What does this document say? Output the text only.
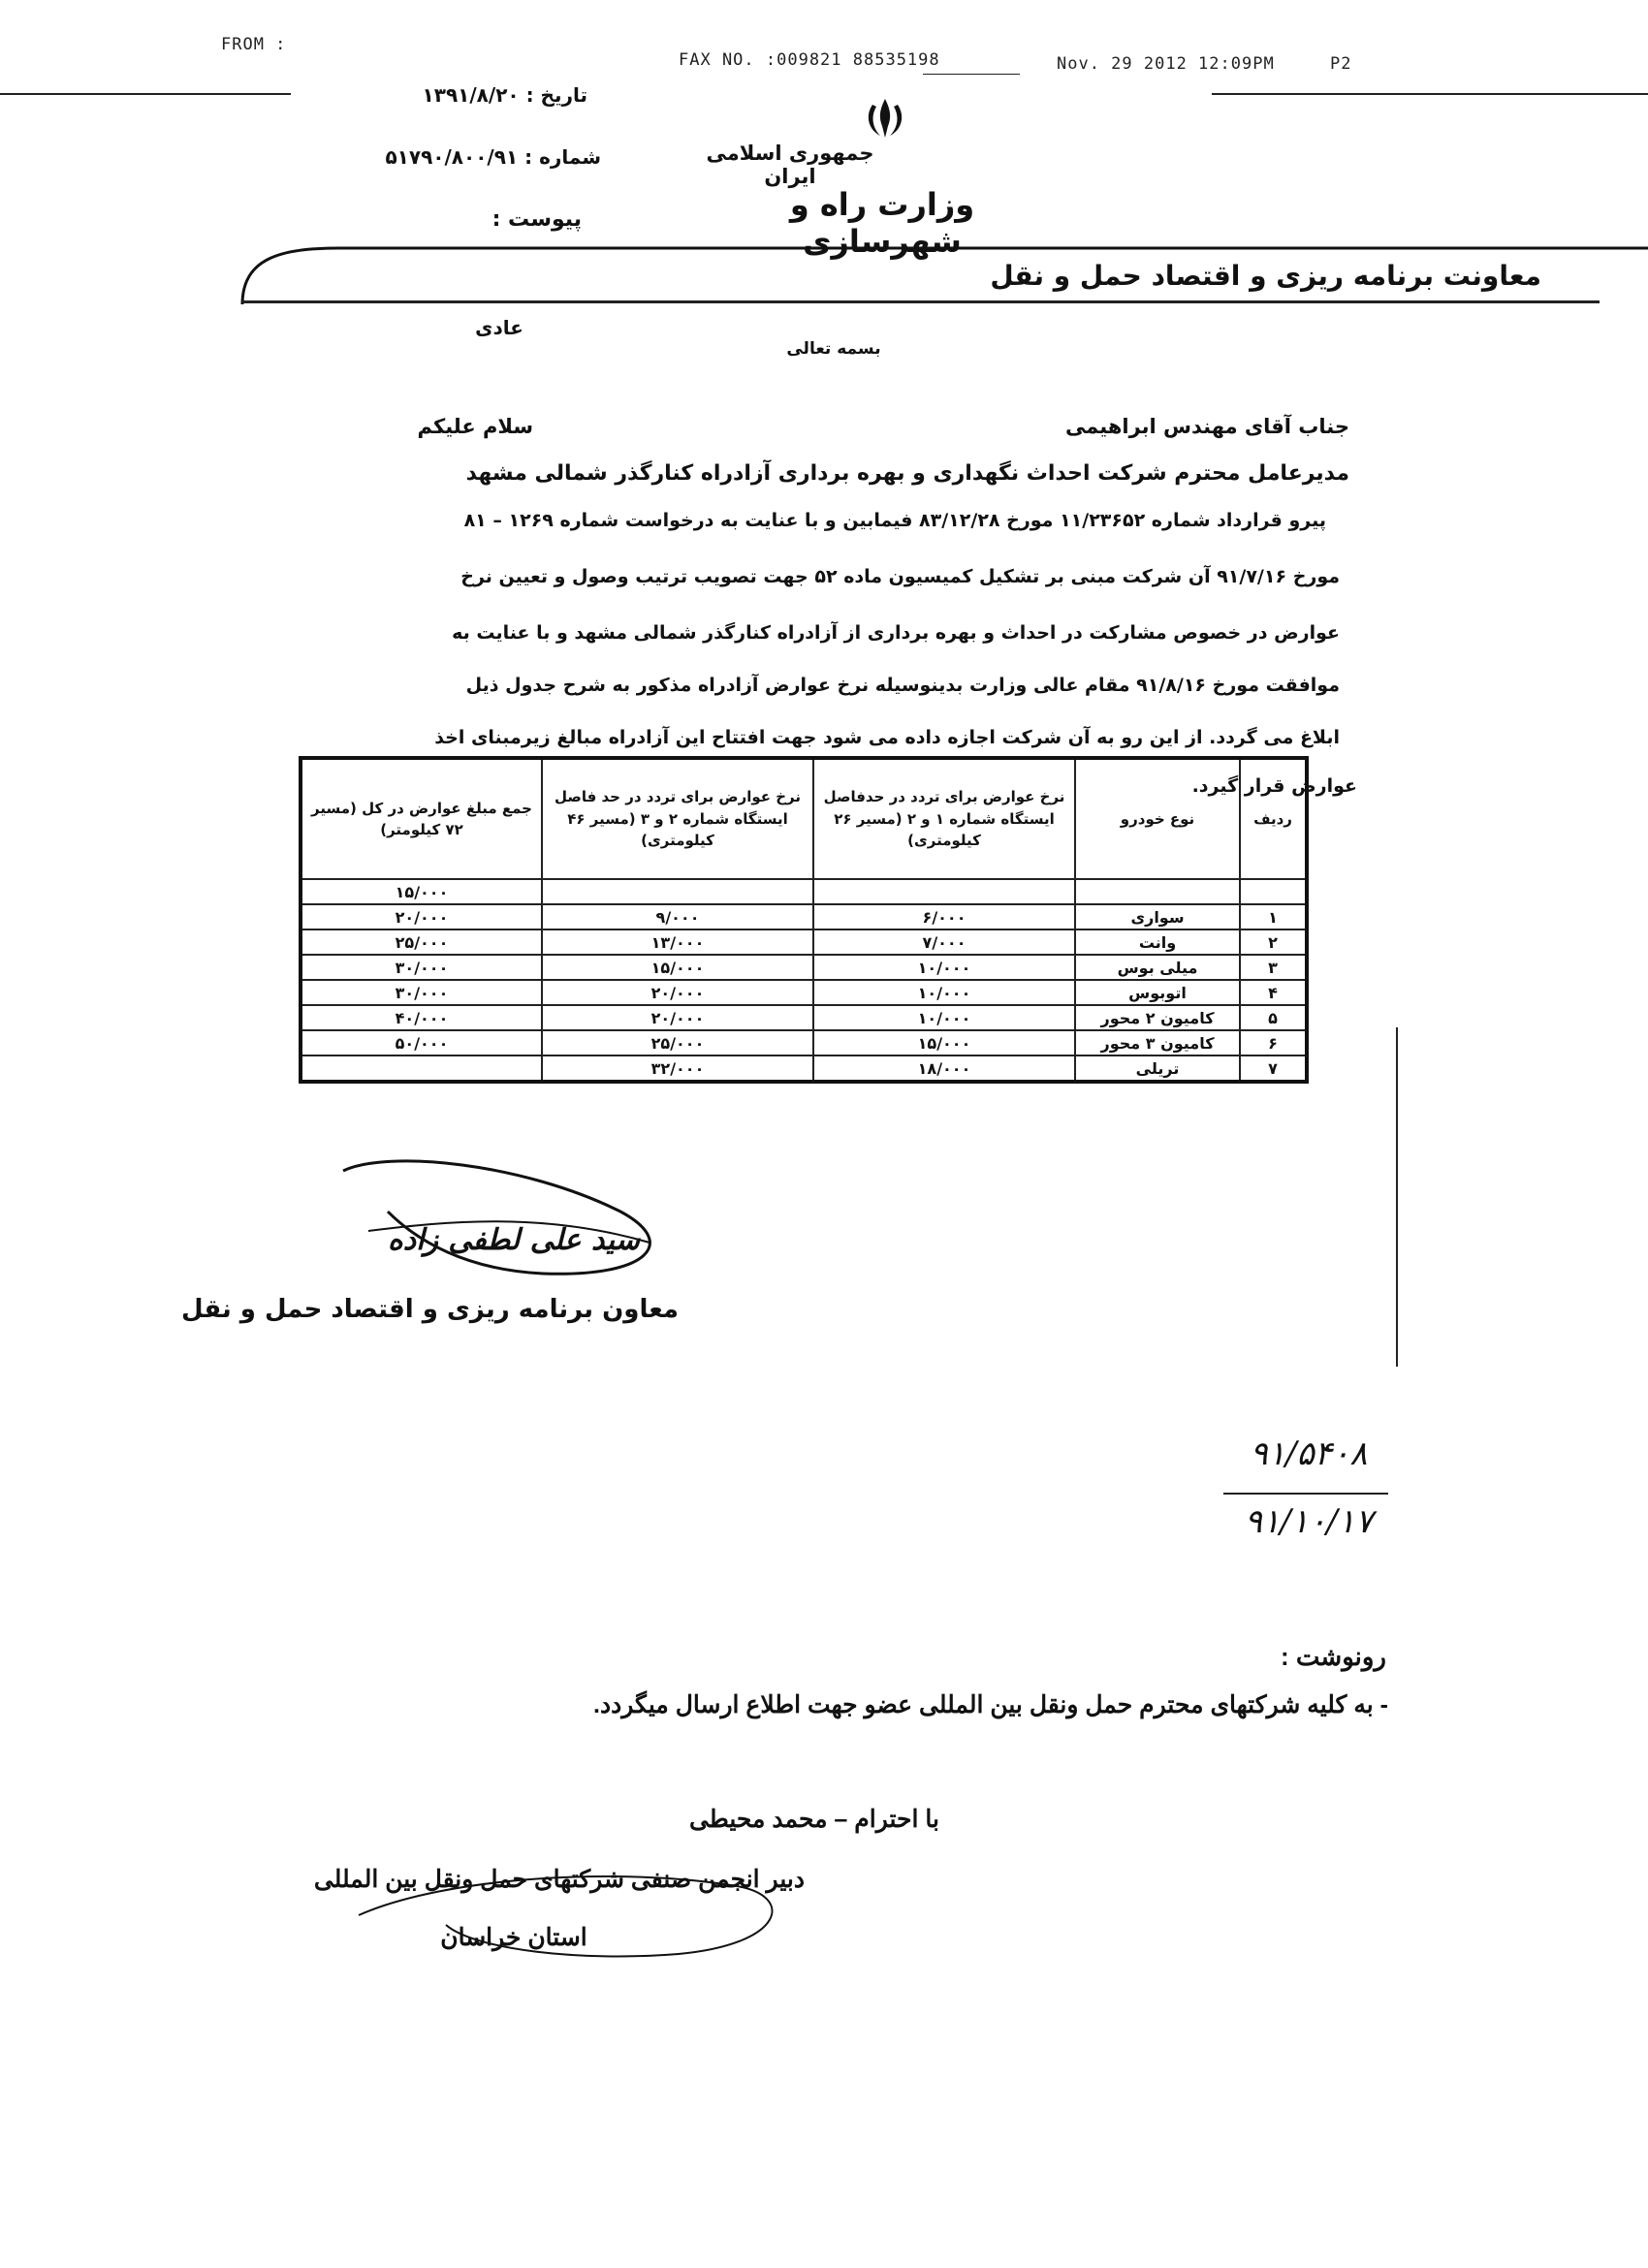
FROM :
FAX NO. :009821 88535198	Nov. 29 2012 12:09PM	P2
تاریخ : ۱۳۹۱/۸/۲۰
شماره : ۵۱۷۹۰/۸۰۰/۹۱
پیوست :
جمهوری اسلامی ایران
وزارت راه و شهرسازی
معاونت برنامه ریزی و اقتصاد حمل و نقل
عادی
بسمه تعالی
جناب آقای مهندس ابراهیمی
سلام علیکم
مدیرعامل محترم شرکت احداث نگهداری و بهره برداری آزادراه کنارگذر شمالی مشهد
پیرو قرارداد شماره ۱۱/۲۳۶۵۲ مورخ ۸۳/۱۲/۲۸ فیمابین و با عنایت به درخواست شماره ۱۲۶۹ – ۸۱
مورخ ۹۱/۷/۱۶ آن شرکت مبنی بر تشکیل کمیسیون ماده ۵۲ جهت تصویب ترتیب وصول و تعیین نرخ
عوارض در خصوص مشارکت در احداث و بهره برداری از آزادراه کنارگذر شمالی مشهد و با عنایت به
موافقت مورخ ۹۱/۸/۱۶ مقام عالی وزارت بدینوسیله نرخ عوارض آزادراه مذکور به شرح جدول ذیل
ابلاغ می گردد. از این رو به آن شرکت اجازه داده می شود جهت افتتاح این آزادراه مبالغ زیرمبنای اخذ
عوارض قرار گیرد.
ردیف	نوع خودرو	نرخ عوارض برای تردد در حدفاصل ایستگاه شماره ۱ و ۲ (مسیر ۲۶ کیلومتری)	نرخ عوارض برای تردد در حد فاصل ایستگاه شماره ۲ و ۳ (مسیر ۴۶ کیلومتری)	جمع مبلغ عوارض در کل (مسیر ۷۲ کیلومتر)
				۱۵/۰۰۰
۱	سواری	۶/۰۰۰	۹/۰۰۰	۲۰/۰۰۰
۲	وانت	۷/۰۰۰	۱۳/۰۰۰	۲۵/۰۰۰
۳	میلی بوس	۱۰/۰۰۰	۱۵/۰۰۰	۳۰/۰۰۰
۴	اتوبوس	۱۰/۰۰۰	۲۰/۰۰۰	۳۰/۰۰۰
۵	کامیون ۲ محور	۱۰/۰۰۰	۲۰/۰۰۰	۴۰/۰۰۰
۶	کامیون ۳ محور	۱۵/۰۰۰	۲۵/۰۰۰	۵۰/۰۰۰
۷	تریلی	۱۸/۰۰۰	۳۲/۰۰۰	
سید علی لطفی زاده
معاون برنامه ریزی و اقتصاد حمل و نقل
۹۱/۵۴۰۸
۹۱/۱۰/۱۷
رونوشت :
- به کلیه شرکتهای محترم حمل ونقل بین المللی عضو جهت اطلاع ارسال میگردد.
با احترام – محمد محیطی
دبیر انجمن صنفی شرکتهای حمل ونقل بین المللی
استان خراسان
